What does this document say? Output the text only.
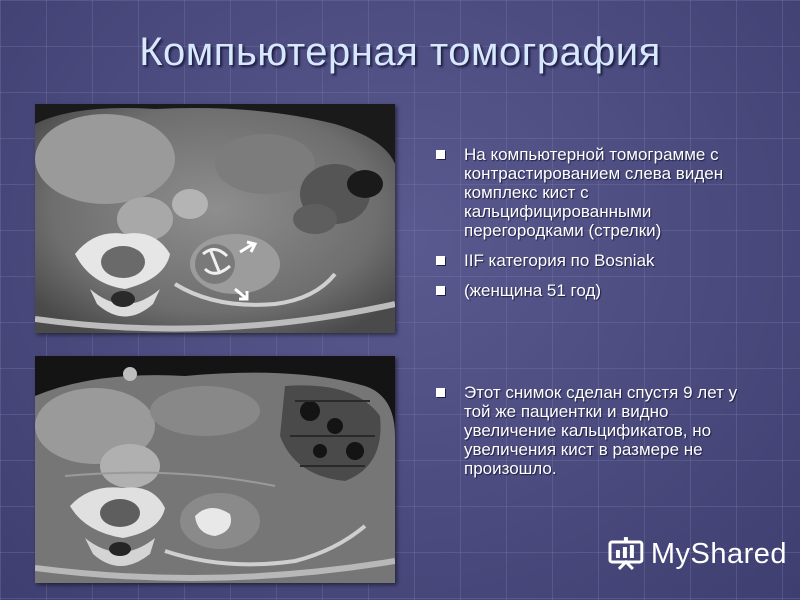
Компьютерная томография
На компьютерной томограмме с контрастированием слева виден комплекс кист с кальцифицированными перегородками (стрелки)
IIF категория по Bosniak
(женщина 51 год)
Этот снимок сделан спустя 9 лет у той же пациентки и видно увеличение кальцификатов, но увеличения кист в размере не произошло.
MyShared
